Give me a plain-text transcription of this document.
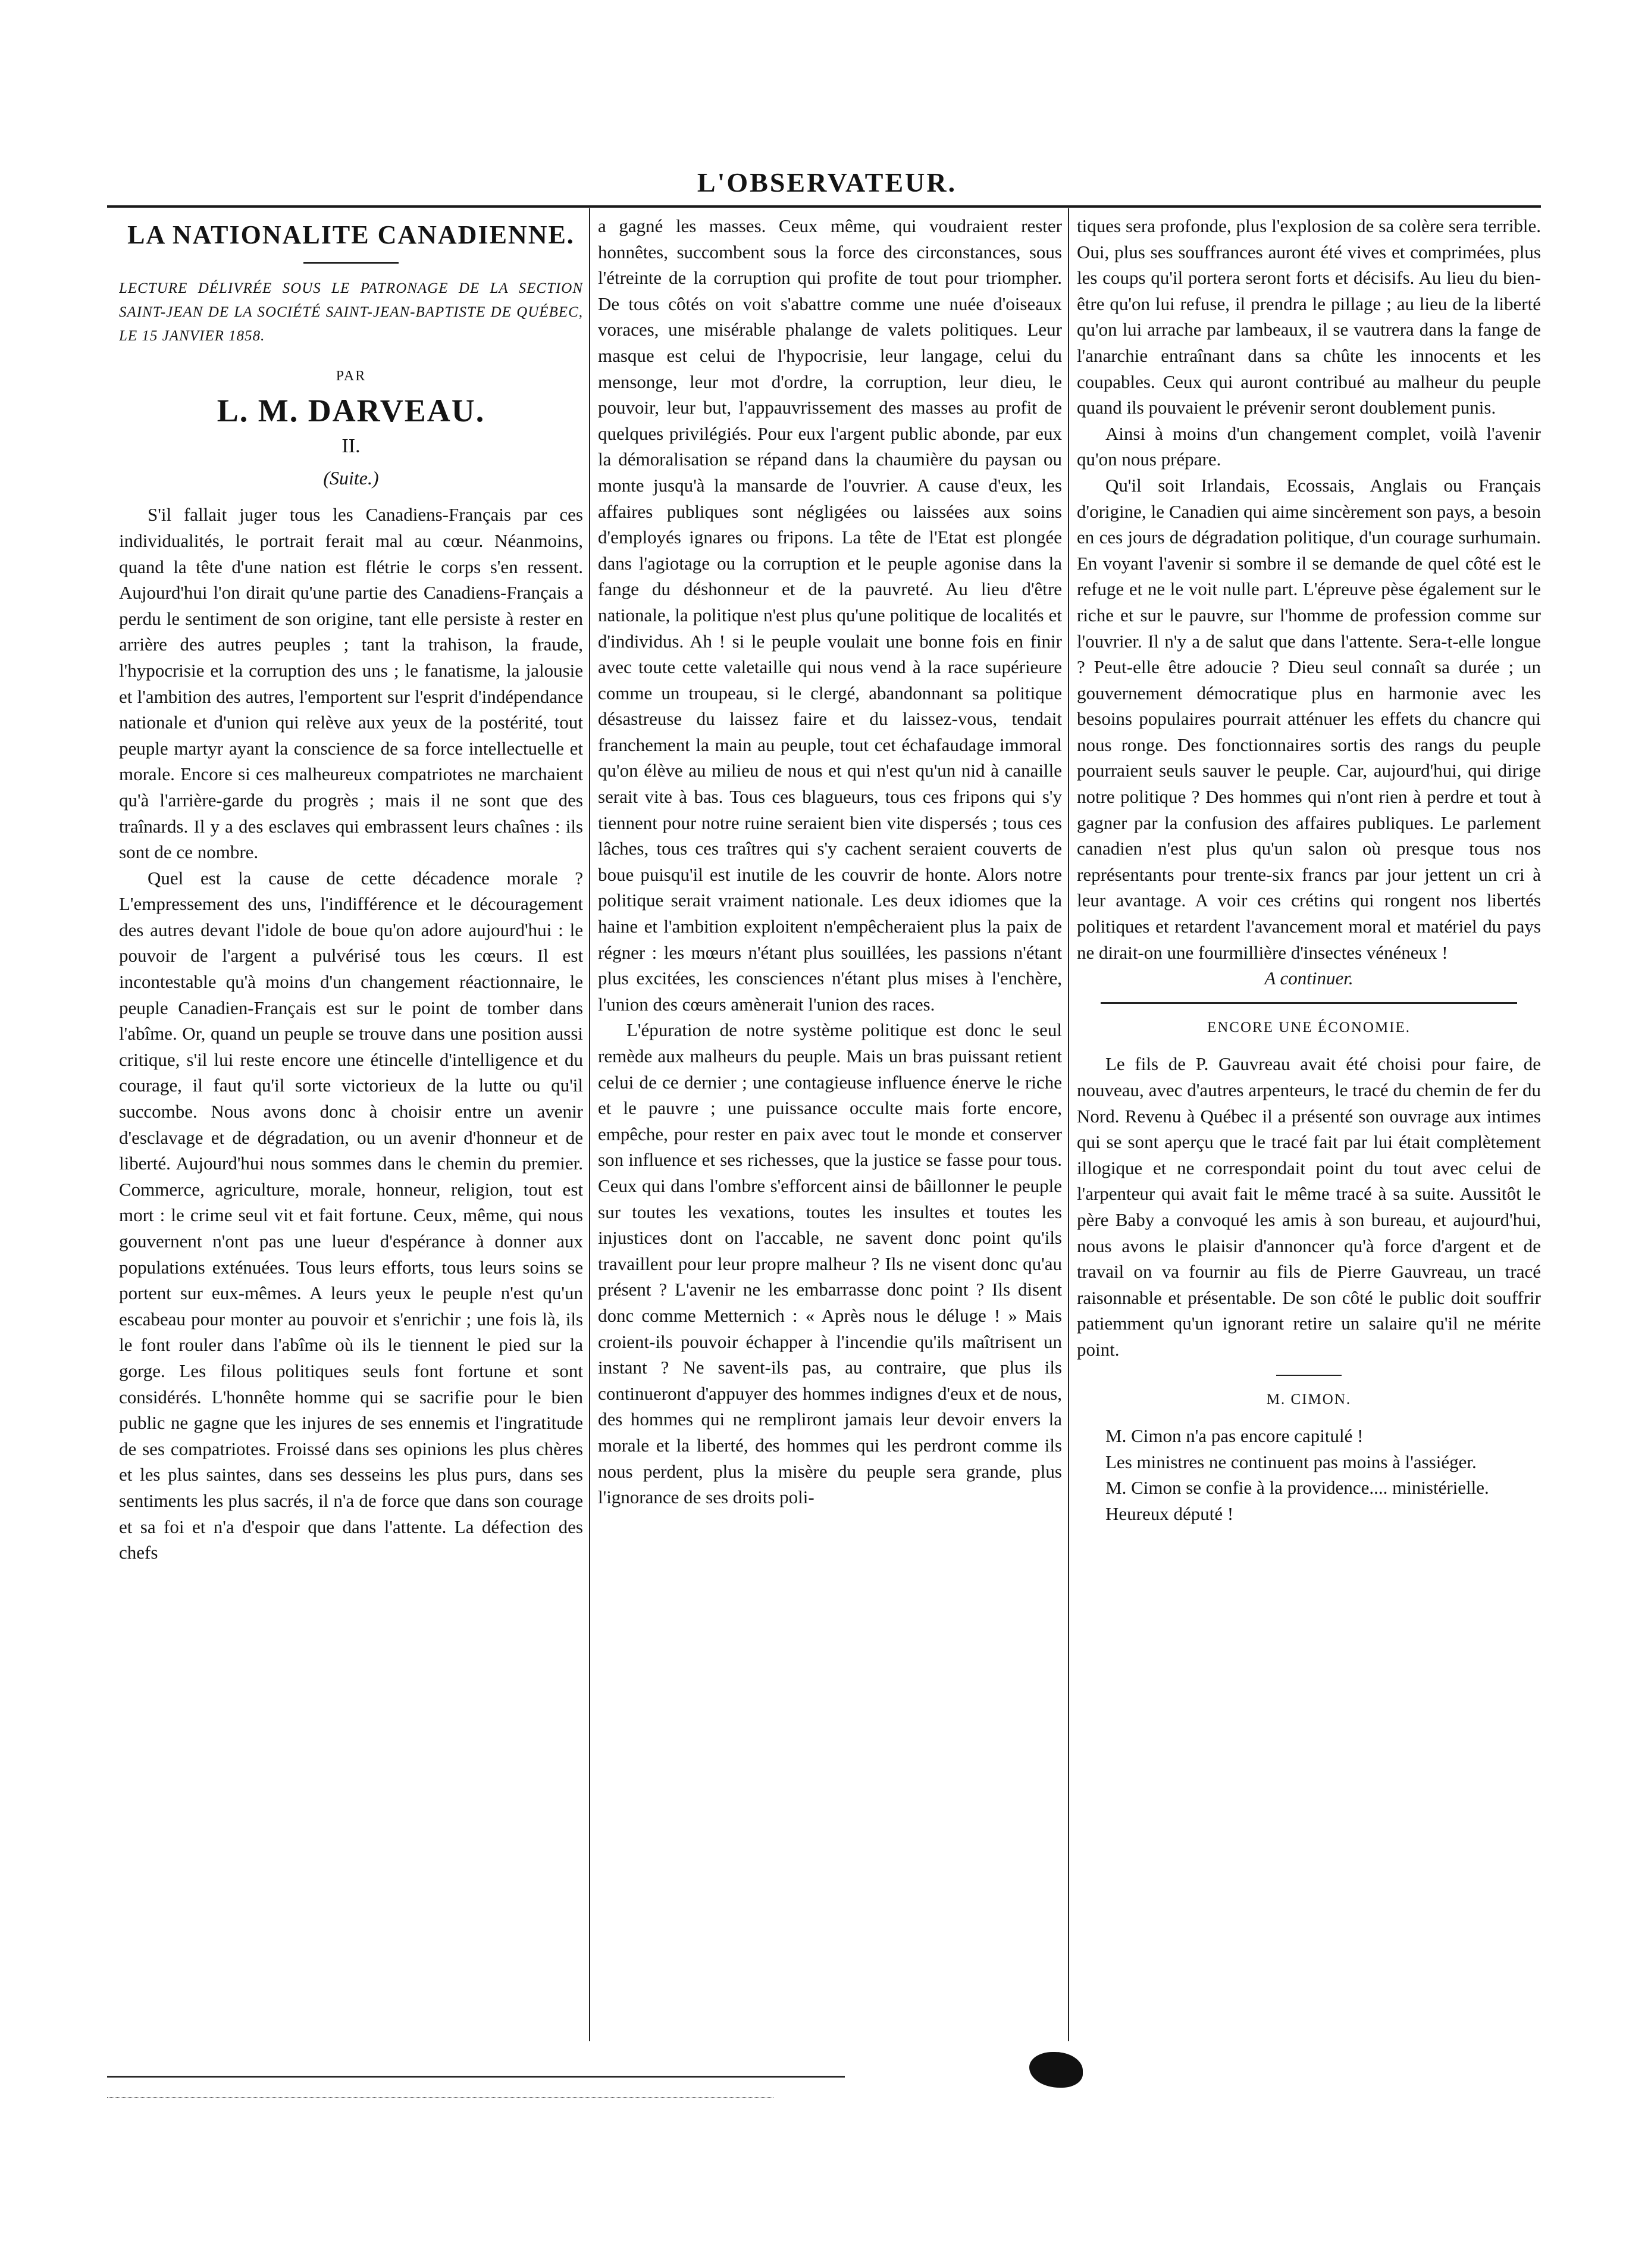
L'OBSERVATEUR.
LA NATIONALITE CANADIENNE.
LECTURE DÉLIVRÉE SOUS LE PATRONAGE DE LA SECTION SAINT-JEAN DE LA SOCIÉTÉ SAINT-JEAN-BAPTISTE DE QUÉBEC, LE 15 JANVIER 1858.
PAR
L. M. DARVEAU.
II.
(Suite.)

S'il fallait juger tous les Canadiens-Français par ces individualités, le portrait ferait mal au cœur. Néanmoins, quand la tête d'une nation est flétrie le corps s'en ressent. Aujourd'hui l'on dirait qu'une partie des Canadiens-Français a perdu le sentiment de son origine, tant elle persiste à rester en arrière des autres peuples ; tant la trahison, la fraude, l'hypocrisie et la corruption des uns ; le fanatisme, la jalousie et l'ambition des autres, l'emportent sur l'esprit d'indépendance nationale et d'union qui relève aux yeux de la postérité, tout peuple martyr ayant la conscience de sa force intellectuelle et morale. Encore si ces malheureux compatriotes ne marchaient qu'à l'arrière-garde du progrès ; mais il ne sont que des traînards. Il y a des esclaves qui embrassent leurs chaînes : ils sont de ce nombre.

Quel est la cause de cette décadence morale ? L'empressement des uns, l'indifférence et le découragement des autres devant l'idole de boue qu'on adore aujourd'hui : le pouvoir de l'argent a pulvérisé tous les cœurs. Il est incontestable qu'à moins d'un changement réactionnaire, le peuple Canadien-Français est sur le point de tomber dans l'abîme. Or, quand un peuple se trouve dans une position aussi critique, s'il lui reste encore une étincelle d'intelligence et du courage, il faut qu'il sorte victorieux de la lutte ou qu'il succombe. Nous avons donc à choisir entre un avenir d'esclavage et de dégradation, ou un avenir d'honneur et de liberté. Aujourd'hui nous sommes dans le chemin du premier. Commerce, agriculture, morale, honneur, religion, tout est mort : le crime seul vit et fait fortune. Ceux, même, qui nous gouvernent n'ont pas une lueur d'espérance à donner aux populations exténuées. Tous leurs efforts, tous leurs soins se portent sur eux-mêmes. A leurs yeux le peuple n'est qu'un escabeau pour monter au pouvoir et s'enrichir ; une fois là, ils le font rouler dans l'abîme où ils le tiennent le pied sur la gorge. Les filous politiques seuls font fortune et sont considérés. L'honnête homme qui se sacrifie pour le bien public ne gagne que les injures de ses ennemis et l'ingratitude de ses compatriotes. Froissé dans ses opinions les plus chères et les plus saintes, dans ses desseins les plus purs, dans ses sentiments les plus sacrés, il n'a de force que dans son courage et sa foi et n'a d'espoir que dans l'attente. La défection des chefs

a gagné les masses. Ceux même, qui voudraient rester honnêtes, succombent sous la force des circonstances, sous l'étreinte de la corruption qui profite de tout pour triompher. De tous côtés on voit s'abattre comme une nuée d'oiseaux voraces, une misérable phalange de valets politiques. Leur masque est celui de l'hypocrisie, leur langage, celui du mensonge, leur mot d'ordre, la corruption, leur dieu, le pouvoir, leur but, l'appauvrissement des masses au profit de quelques privilégiés. Pour eux l'argent public abonde, par eux la démoralisation se répand dans la chaumière du paysan ou monte jusqu'à la mansarde de l'ouvrier. A cause d'eux, les affaires publiques sont négligées ou laissées aux soins d'employés ignares ou fripons. La tête de l'Etat est plongée dans l'agiotage ou la corruption et le peuple agonise dans la fange du déshonneur et de la pauvreté. Au lieu d'être nationale, la politique n'est plus qu'une politique de localités et d'individus. Ah ! si le peuple voulait une bonne fois en finir avec toute cette valetaille qui nous vend à la race supérieure comme un troupeau, si le clergé, abandonnant sa politique désastreuse du laissez faire et du laissez-vous, tendait franchement la main au peuple, tout cet échafaudage immoral qu'on élève au milieu de nous et qui n'est qu'un nid à canaille serait vite à bas. Tous ces blagueurs, tous ces fripons qui s'y tiennent pour notre ruine seraient bien vite dispersés ; tous ces lâches, tous ces traîtres qui s'y cachent seraient couverts de boue puisqu'il est inutile de les couvrir de honte. Alors notre politique serait vraiment nationale. Les deux idiomes que la haine et l'ambition exploitent n'empêcheraient plus la paix de régner : les mœurs n'étant plus souillées, les passions n'étant plus excitées, les consciences n'étant plus mises à l'enchère, l'union des cœurs amènerait l'union des races.

L'épuration de notre système politique est donc le seul remède aux malheurs du peuple. Mais un bras puissant retient celui de ce dernier ; une contagieuse influence énerve le riche et le pauvre ; une puissance occulte mais forte encore, empêche, pour rester en paix avec tout le monde et conserver son influence et ses richesses, que la justice se fasse pour tous. Ceux qui dans l'ombre s'efforcent ainsi de bâillonner le peuple sur toutes les vexations, toutes les insultes et toutes les injustices dont on l'accable, ne savent donc point qu'ils travaillent pour leur propre malheur ? Ils ne visent donc qu'au présent ? L'avenir ne les embarrasse donc point ? Ils disent donc comme Metternich : « Après nous le déluge ! » Mais croient-ils pouvoir échapper à l'incendie qu'ils maîtrisent un instant ? Ne savent-ils pas, au contraire, que plus ils continueront d'appuyer des hommes indignes d'eux et de nous, des hommes qui ne rempliront jamais leur devoir envers la morale et la liberté, des hommes qui les perdront comme ils nous perdent, plus la misère du peuple sera grande, plus l'ignorance de ses droits poli-

tiques sera profonde, plus l'explosion de sa colère sera terrible. Oui, plus ses souffrances auront été vives et comprimées, plus les coups qu'il portera seront forts et décisifs. Au lieu du bien-être qu'on lui refuse, il prendra le pillage ; au lieu de la liberté qu'on lui arrache par lambeaux, il se vautrera dans la fange de l'anarchie entraînant dans sa chûte les innocents et les coupables. Ceux qui auront contribué au malheur du peuple quand ils pouvaient le prévenir seront doublement punis.

Ainsi à moins d'un changement complet, voilà l'avenir qu'on nous prépare.

Qu'il soit Irlandais, Ecossais, Anglais ou Français d'origine, le Canadien qui aime sincèrement son pays, a besoin en ces jours de dégradation politique, d'un courage surhumain. En voyant l'avenir si sombre il se demande de quel côté est le refuge et ne le voit nulle part. L'épreuve pèse également sur le riche et sur le pauvre, sur l'homme de profession comme sur l'ouvrier. Il n'y a de salut que dans l'attente. Sera-t-elle longue ? Peut-elle être adoucie ? Dieu seul connaît sa durée ; un gouvernement démocratique plus en harmonie avec les besoins populaires pourrait atténuer les effets du chancre qui nous ronge. Des fonctionnaires sortis des rangs du peuple pourraient seuls sauver le peuple. Car, aujourd'hui, qui dirige notre politique ? Des hommes qui n'ont rien à perdre et tout à gagner par la confusion des affaires publiques. Le parlement canadien n'est plus qu'un salon où presque tous nos représentants pour trente-six francs par jour jettent un cri à leur avantage. A voir ces crétins qui rongent nos libertés politiques et retardent l'avancement moral et matériel du pays ne dirait-on une fourmillière d'insectes vénéneux !

A continuer.

ENCORE UNE ÉCONOMIE.

Le fils de P. Gauvreau avait été choisi pour faire, de nouveau, avec d'autres arpenteurs, le tracé du chemin de fer du Nord. Revenu à Québec il a présenté son ouvrage aux intimes qui se sont aperçu que le tracé fait par lui était complètement illogique et ne correspondait point du tout avec celui de l'arpenteur qui avait fait le même tracé à sa suite. Aussitôt le père Baby a convoqué les amis à son bureau, et aujourd'hui, nous avons le plaisir d'annoncer qu'à force d'argent et de travail on va fournir au fils de Pierre Gauvreau, un tracé raisonnable et présentable. De son côté le public doit souffrir patiemment qu'un ignorant retire un salaire qu'il ne mérite point.

M. CIMON.

M. Cimon n'a pas encore capitulé !

Les ministres ne continuent pas moins à l'assiéger.

M. Cimon se confie à la providence.... ministérielle.

Heureux député !
